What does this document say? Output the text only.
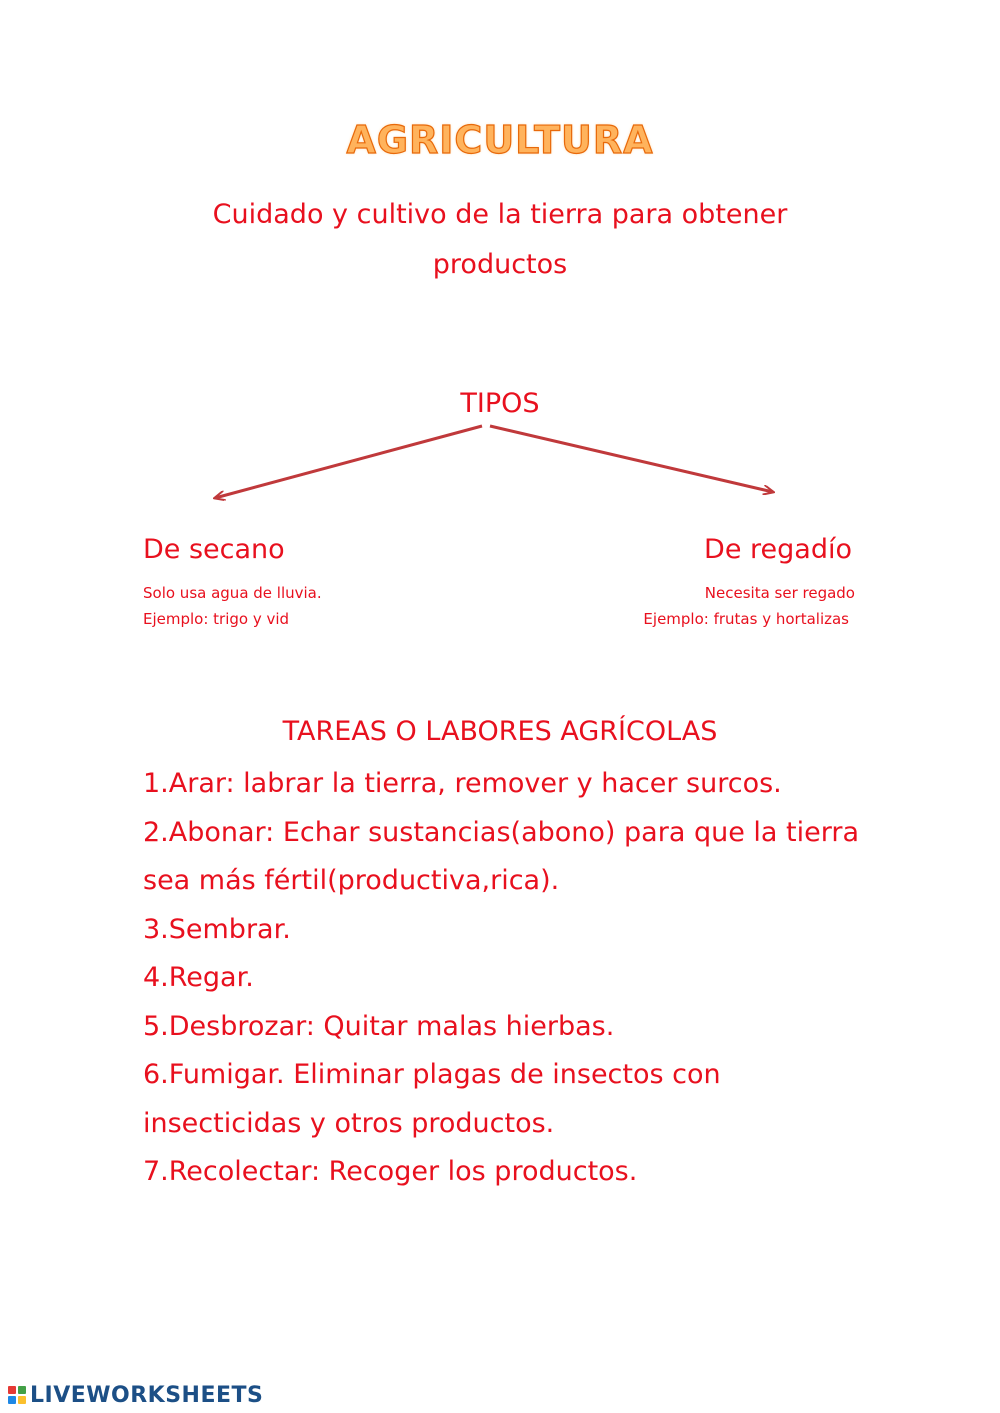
AGRICULTURA
Cuidado y cultivo de la tierra para obtener productos
TIPOS
De secano	De regadío
Solo usa agua de lluvia.
Ejemplo: trigo y vid
Necesita ser regado
Ejemplo: frutas y hortalizas
TAREAS O LABORES AGRÍCOLAS
1.Arar: labrar la tierra, remover y hacer surcos.
2.Abonar: Echar sustancias(abono) para que la tierra sea más fértil(productiva,rica).
3.Sembrar.
4.Regar.
5.Desbrozar: Quitar malas hierbas.
6.Fumigar. Eliminar plagas de insectos con insecticidas y otros productos.
7.Recolectar: Recoger los productos.
LIVEWORKSHEETS
